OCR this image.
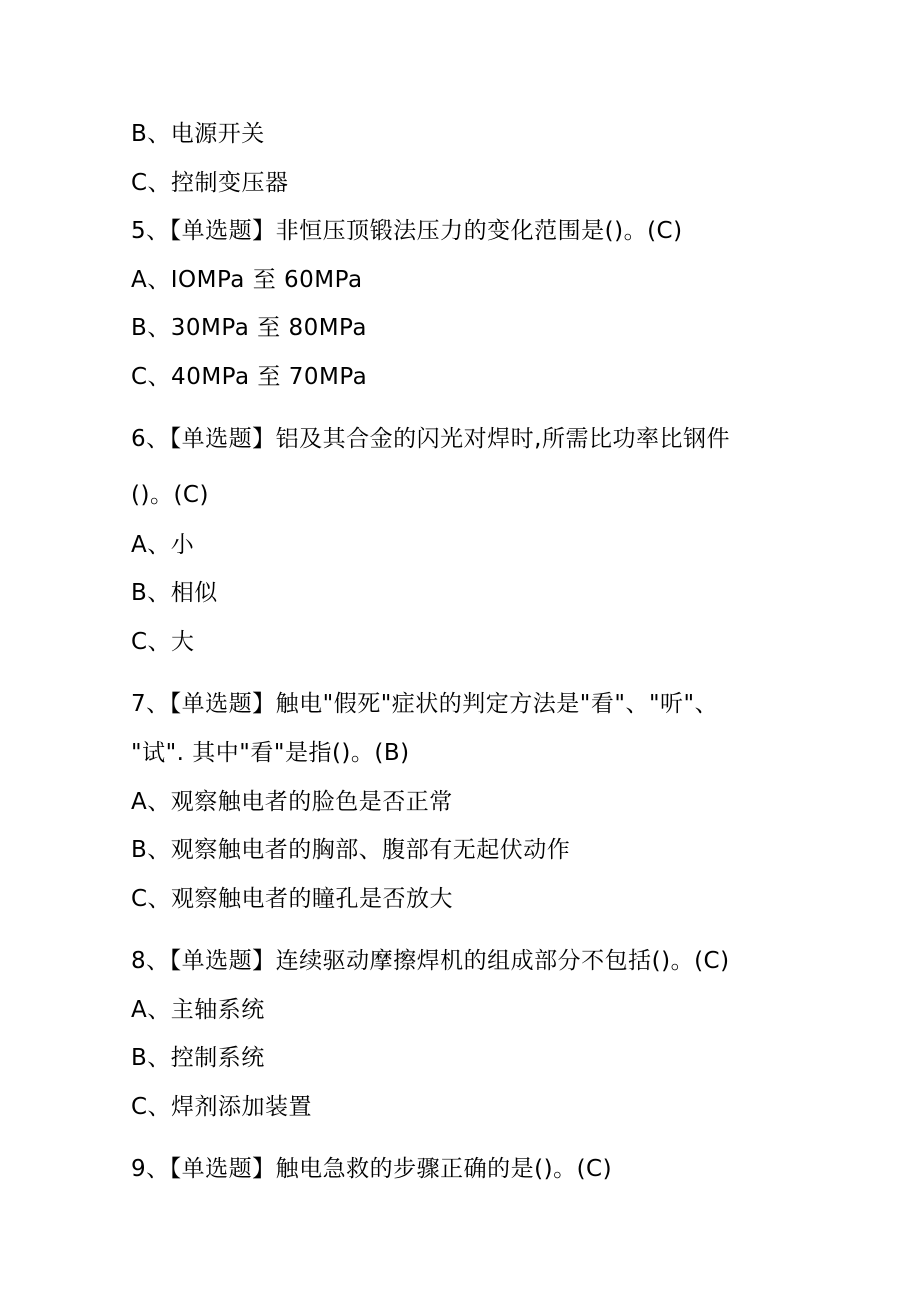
B、电源开关
C、控制变压器
5、【单选题】非恒压顶锻法压力的变化范围是()。(C)
A、IOMPa 至 60MPa
B、30MPa 至 80MPa
C、40MPa 至 70MPa
6、【单选题】铝及其合金的闪光对焊时,所需比功率比钢件
()。(C)
A、小
B、相似
C、大
7、【单选题】触电"假死"症状的判定方法是"看"、"听"、
"试". 其中"看"是指()。(B)
A、观察触电者的脸色是否正常
B、观察触电者的胸部、腹部有无起伏动作
C、观察触电者的瞳孔是否放大
8、【单选题】连续驱动摩擦焊机的组成部分不包括()。(C)
A、主轴系统
B、控制系统
C、焊剂添加装置
9、【单选题】触电急救的步骤正确的是()。(C)
